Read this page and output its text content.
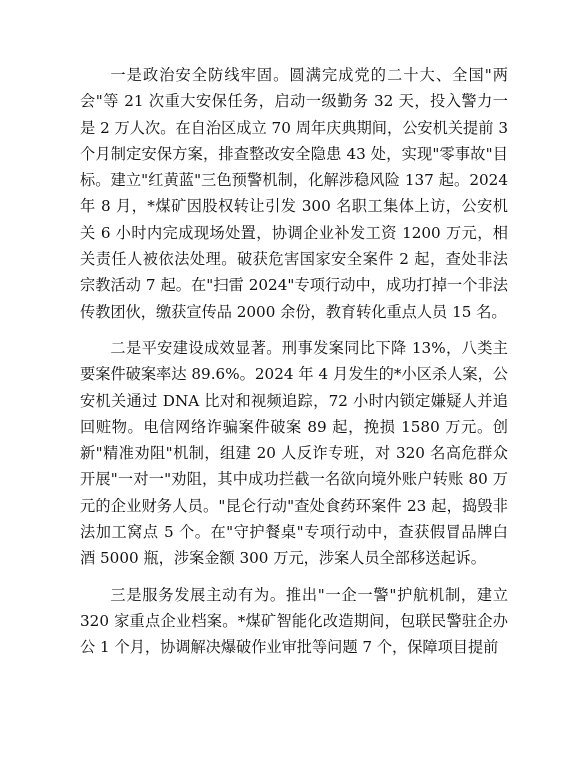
一是政治安全防线牢固。圆满完成党的二十大、全国"两会"等 21 次重大安保任务，启动一级勤务 32 天，投入警力一是 2 万人次。在自治区成立 70 周年庆典期间，公安机关提前 3 个月制定安保方案，排查整改安全隐患 43 处，实现"零事故"目标。建立"红黄蓝"三色预警机制，化解涉稳风险 137 起。2024 年 8 月，*煤矿因股权转让引发 300 名职工集体上访，公安机关 6 小时内完成现场处置，协调企业补发工资 1200 万元，相关责任人被依法处理。破获危害国家安全案件 2 起，查处非法宗教活动 7 起。在"扫雷 2024"专项行动中，成功打掉一个非法传教团伙，缴获宣传品 2000 余份，教育转化重点人员 15 名。

二是平安建设成效显著。刑事发案同比下降 13%，八类主要案件破案率达 89.6%。2024 年 4 月发生的*小区杀人案，公安机关通过 DNA 比对和视频追踪，72 小时内锁定嫌疑人并追回赃物。电信网络诈骗案件破案 89 起，挽损 1580 万元。创新"精准劝阻"机制，组建 20 人反诈专班，对 320 名高危群众开展"一对一"劝阻，其中成功拦截一名欲向境外账户转账 80 万元的企业财务人员。"昆仑行动"查处食药环案件 23 起，捣毁非法加工窝点 5 个。在"守护餐桌"专项行动中，查获假冒品牌白酒 5000 瓶，涉案金额 300 万元，涉案人员全部移送起诉。

三是服务发展主动有为。推出"一企一警"护航机制，建立 320 家重点企业档案。*煤矿智能化改造期间，包联民警驻企办公 1 个月，协调解决爆破作业审批等问题 7 个，保障项目提前
